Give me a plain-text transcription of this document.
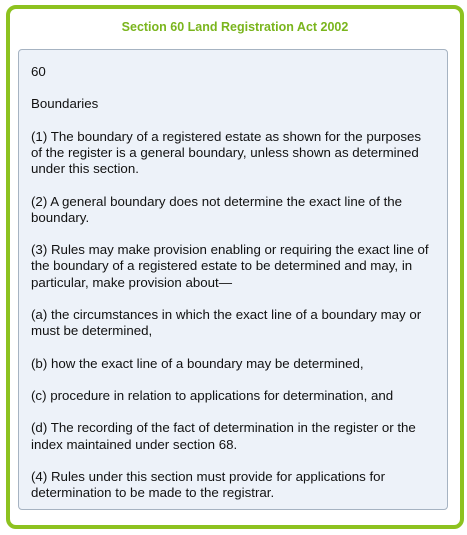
Section 60 Land Registration Act 2002

60

Boundaries

(1) The boundary of a registered estate as shown for the purposes of the register is a general boundary, unless shown as determined under this section.

(2) A general boundary does not determine the exact line of the boundary.

(3) Rules may make provision enabling or requiring the exact line of the boundary of a registered estate to be determined and may, in particular, make provision about—

(a) the circumstances in which the exact line of a boundary may or must be determined,

(b) how the exact line of a boundary may be determined,

(c) procedure in relation to applications for determination, and

(d) The recording of the fact of determination in the register or the index maintained under section 68.

(4) Rules under this section must provide for applications for determination to be made to the registrar.
